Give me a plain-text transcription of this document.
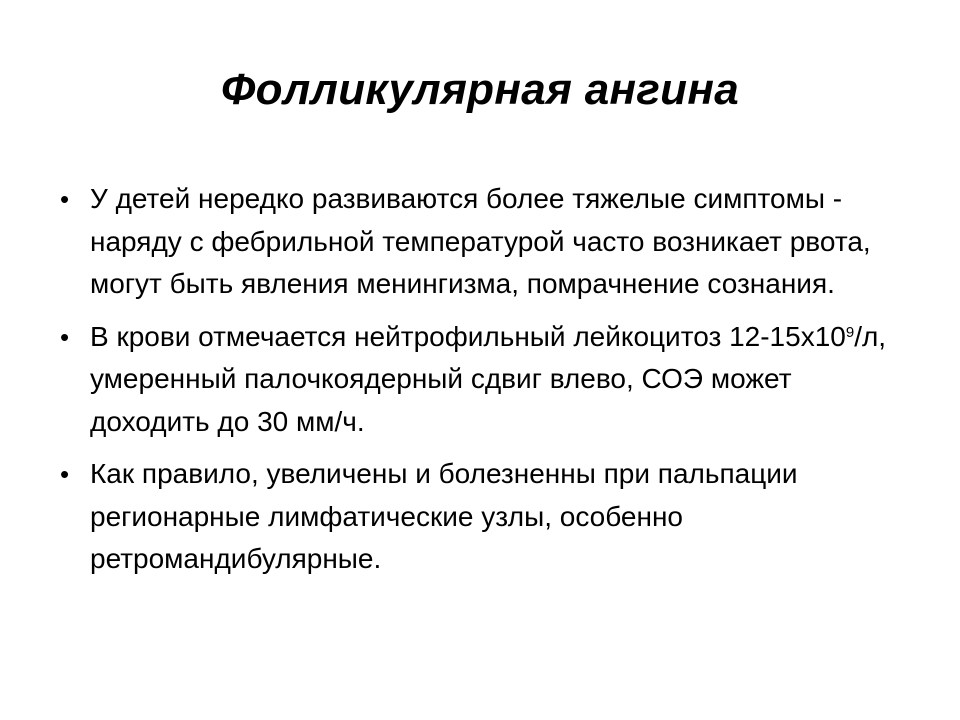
Фолликулярная ангина
• У детей нередко развиваются более тяжелые симптомы - наряду с фебрильной температурой часто возникает рвота, могут быть явления менингизма, помрачнение сознания.
• В крови отмечается нейтрофильный лейкоцитоз $12-15х10^9/л$, умеренный палочкоядерный сдвиг влево, СОЭ может доходить до 30 мм/ч.
• Как правило, увеличены и болезненны при пальпации регионарные лимфатические узлы, особенно ретромандибулярные.
